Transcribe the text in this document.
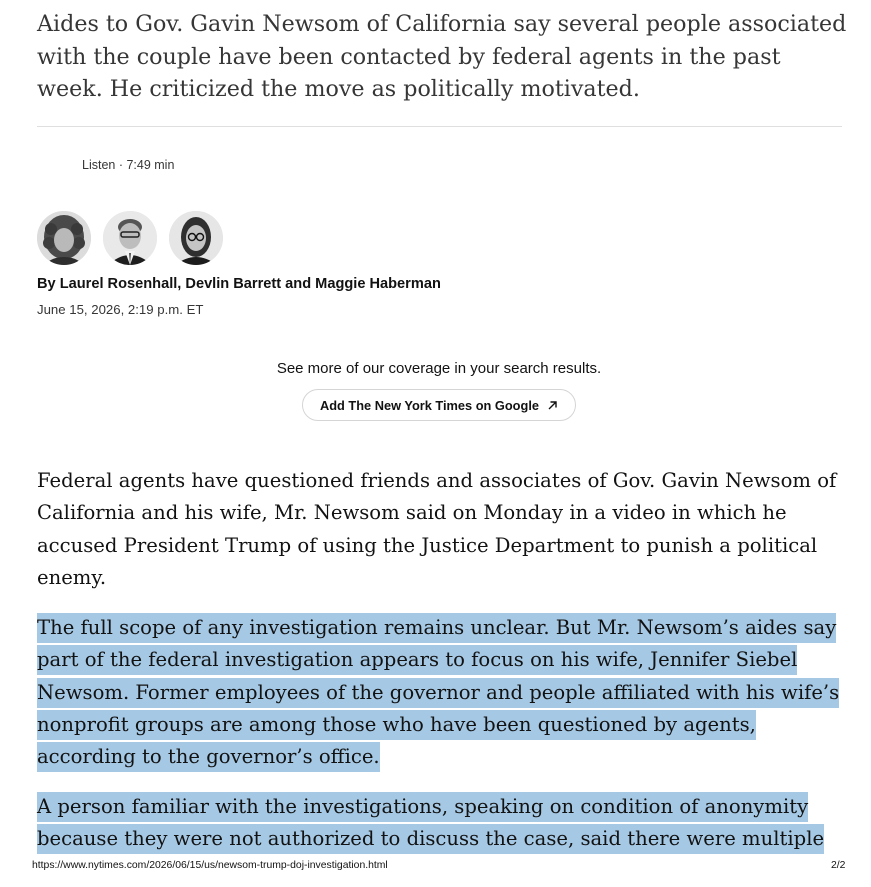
Aides to Gov. Gavin Newsom of California say several people associated with the couple have been contacted by federal agents in the past week. He criticized the move as politically motivated.

Listen · 7:49 min
By Laurel Rosenhall, Devlin Barrett and Maggie Haberman
June 15, 2026, 2:19 p.m. ET
See more of our coverage in your search results.
Add The New York Times on Google

Federal agents have questioned friends and associates of Gov. Gavin Newsom of California and his wife, Mr. Newsom said on Monday in a video in which he accused President Trump of using the Justice Department to punish a political enemy.

The full scope of any investigation remains unclear. But Mr. Newsom’s aides say part of the federal investigation appears to focus on his wife, Jennifer Siebel Newsom. Former employees of the governor and people affiliated with his wife’s nonprofit groups are among those who have been questioned by agents, according to the governor’s office.

A person familiar with the investigations, speaking on condition of anonymity because they were not authorized to discuss the case, said there were multiple

https://www.nytimes.com/2026/06/15/us/newsom-trump-doj-investigation.html	2/2
